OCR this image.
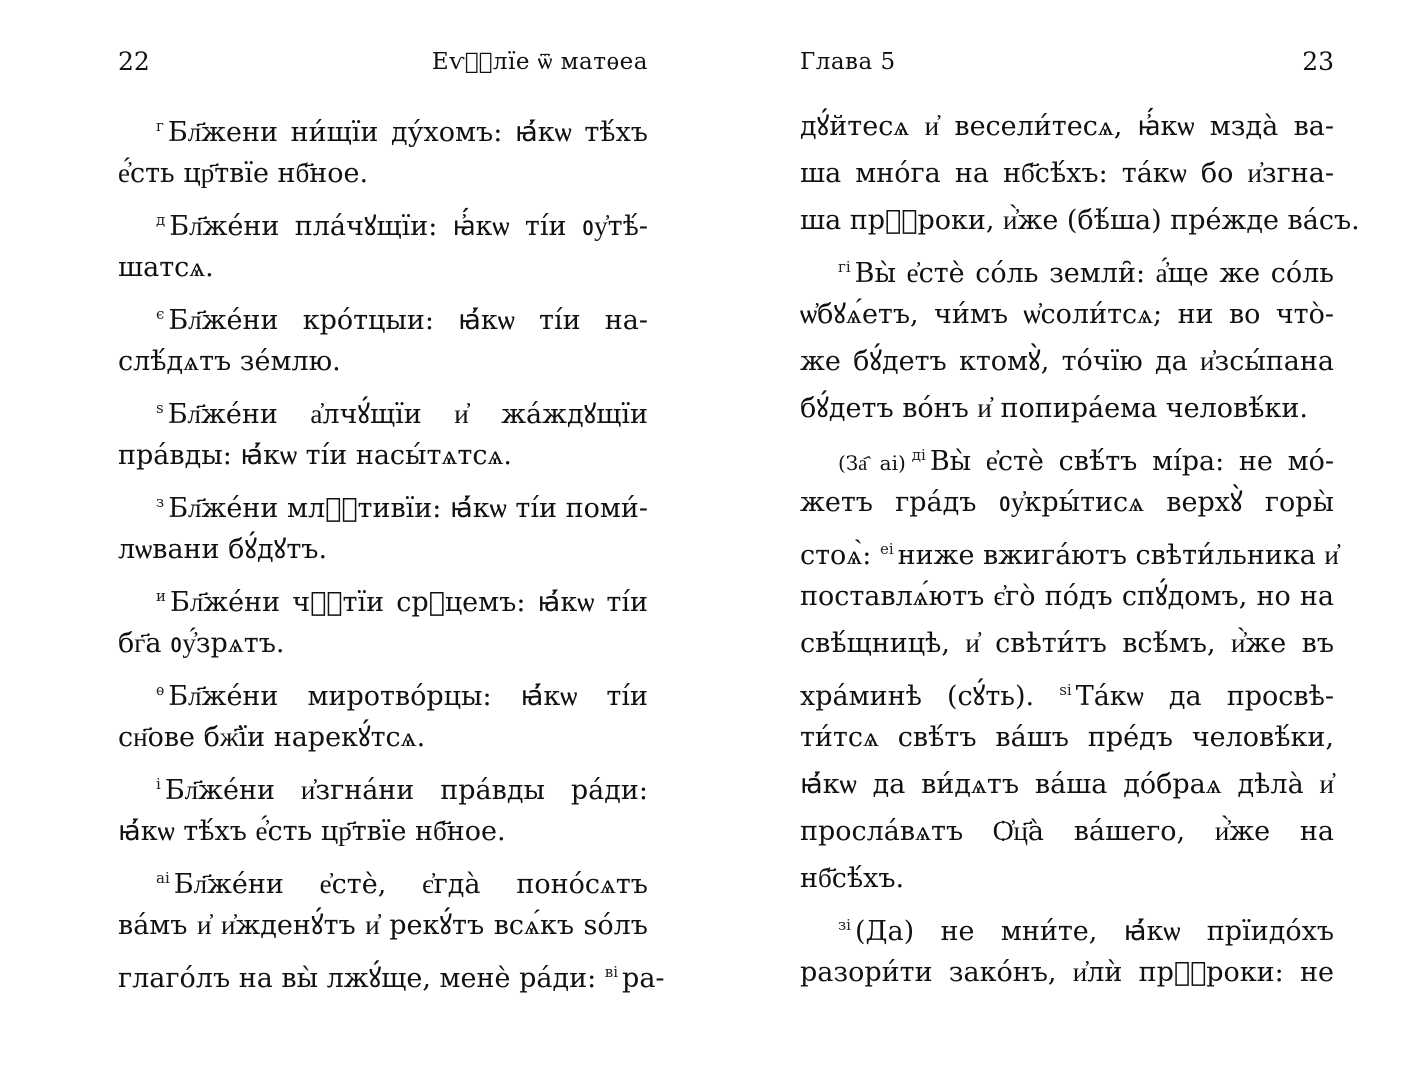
22	Еѵⷢ҇лїе ѿ матѳеа
$^г$ Бл҃жени ни́щїи ду́хомъ: ꙗ҆́кѡ тѣ́хъ
е҆́сть цр҃твїе нб҃ное.
$^д$ Бл҃же́ни пла́чꙋщїи: ꙗ҆́кѡ ті́и ᲂу҆тѣ́-
шатсѧ.
$^є$ Бл҃же́ни кро́тцыи: ꙗ҆́кѡ ті́и на-
слѣ́дѧтъ зе́млю.
$^ѕ$ Бл҃же́ни а҆лчꙋ́щїи и҆ жа́ждꙋщїи
пра́вды: ꙗ҆́кѡ ті́и насы́тѧтсѧ.
$^з$ Бл҃же́ни млⷭ҇тивїи: ꙗ҆́кѡ ті́и поми́-
лѡвани бꙋ́дꙋтъ.
$^и$ Бл҃же́ни чⷭ҇тїи срⷣцемъ: ꙗ҆́кѡ ті́и
бг҃а ᲂу҆́зрѧтъ.
$^ѳ$ Бл҃же́ни миротво́рцы: ꙗ҆́кѡ ті́и
сн҃ове бж҃їи нарекꙋ́тсѧ.
$^і$ Бл҃же́ни и҆згна́ни пра́вды ра́ди:
ꙗ҆́кѡ тѣ́хъ е҆́сть цр҃твїе нб҃ное.
$^{аі}$ Бл҃же́ни е҆стѐ, є҆гда̀ поно́сѧтъ
ва́мъ и҆ и҆жденꙋ́тъ и҆ рекꙋ́тъ всѧ́къ ѕо́лъ
глаго́лъ на вы̀ лжꙋ́ще, менѐ ра́ди: $^{ві}$ ра-
Глава 5	23
дꙋ́йтесѧ и҆ весели́тесѧ, ꙗ҆́кѡ мзда̀ ва-
ша мно́га на нб҃сѣ́хъ: та́кѡ бо и҆згна-
ша прⷪ҇роки, и҆̀же (бѣ́ша) пре́жде ва́съ.
$^{гі}$ Вы̀ е҆стѐ со́ль земли̑: а҆́ще же со́ль
ѡ҆бꙋѧ́етъ, чи́мъ ѡ҆соли́тсѧ; ни во что̀-
же бꙋ́детъ ктомꙋ̀, то́чїю да и҆зсы́пана
бꙋ́детъ во́нъ и҆ попира́ема человѣ́ки.
(За҄ аі) $^{ді}$ Вы̀ е҆стѐ свѣ́тъ мі́ра: не мо́-
жетъ гра́дъ ᲂу҆кры́тисѧ верхꙋ̀ горы̀
стоѧ̀: $^{еі}$ ниже вжига́ютъ свѣти́льника и҆
поставлѧ́ютъ є҆го̀ по́дъ спꙋ́домъ, но на
свѣ́щницѣ, и҆ свѣти́тъ всѣ́мъ, и҆̀же въ
хра́минѣ (сꙋ́ть). $^{ѕі}$ Та́кѡ да просвѣ-
ти́тсѧ свѣ́тъ ва́шъ пре́дъ человѣ́ки,
ꙗ҆́кѡ да ви́дѧтъ ва́ша до́браѧ дѣла̀ и҆
просла́вѧтъ Ѻ҆ц҃а̀ ва́шего, и҆̀же на
нб҃сѣ́хъ.
$^{зі}$ (Да) не мни́те, ꙗ҆́кѡ прїидо́хъ
разори́ти зако́нъ, и҆лѝ прⷪ҇роки: не
